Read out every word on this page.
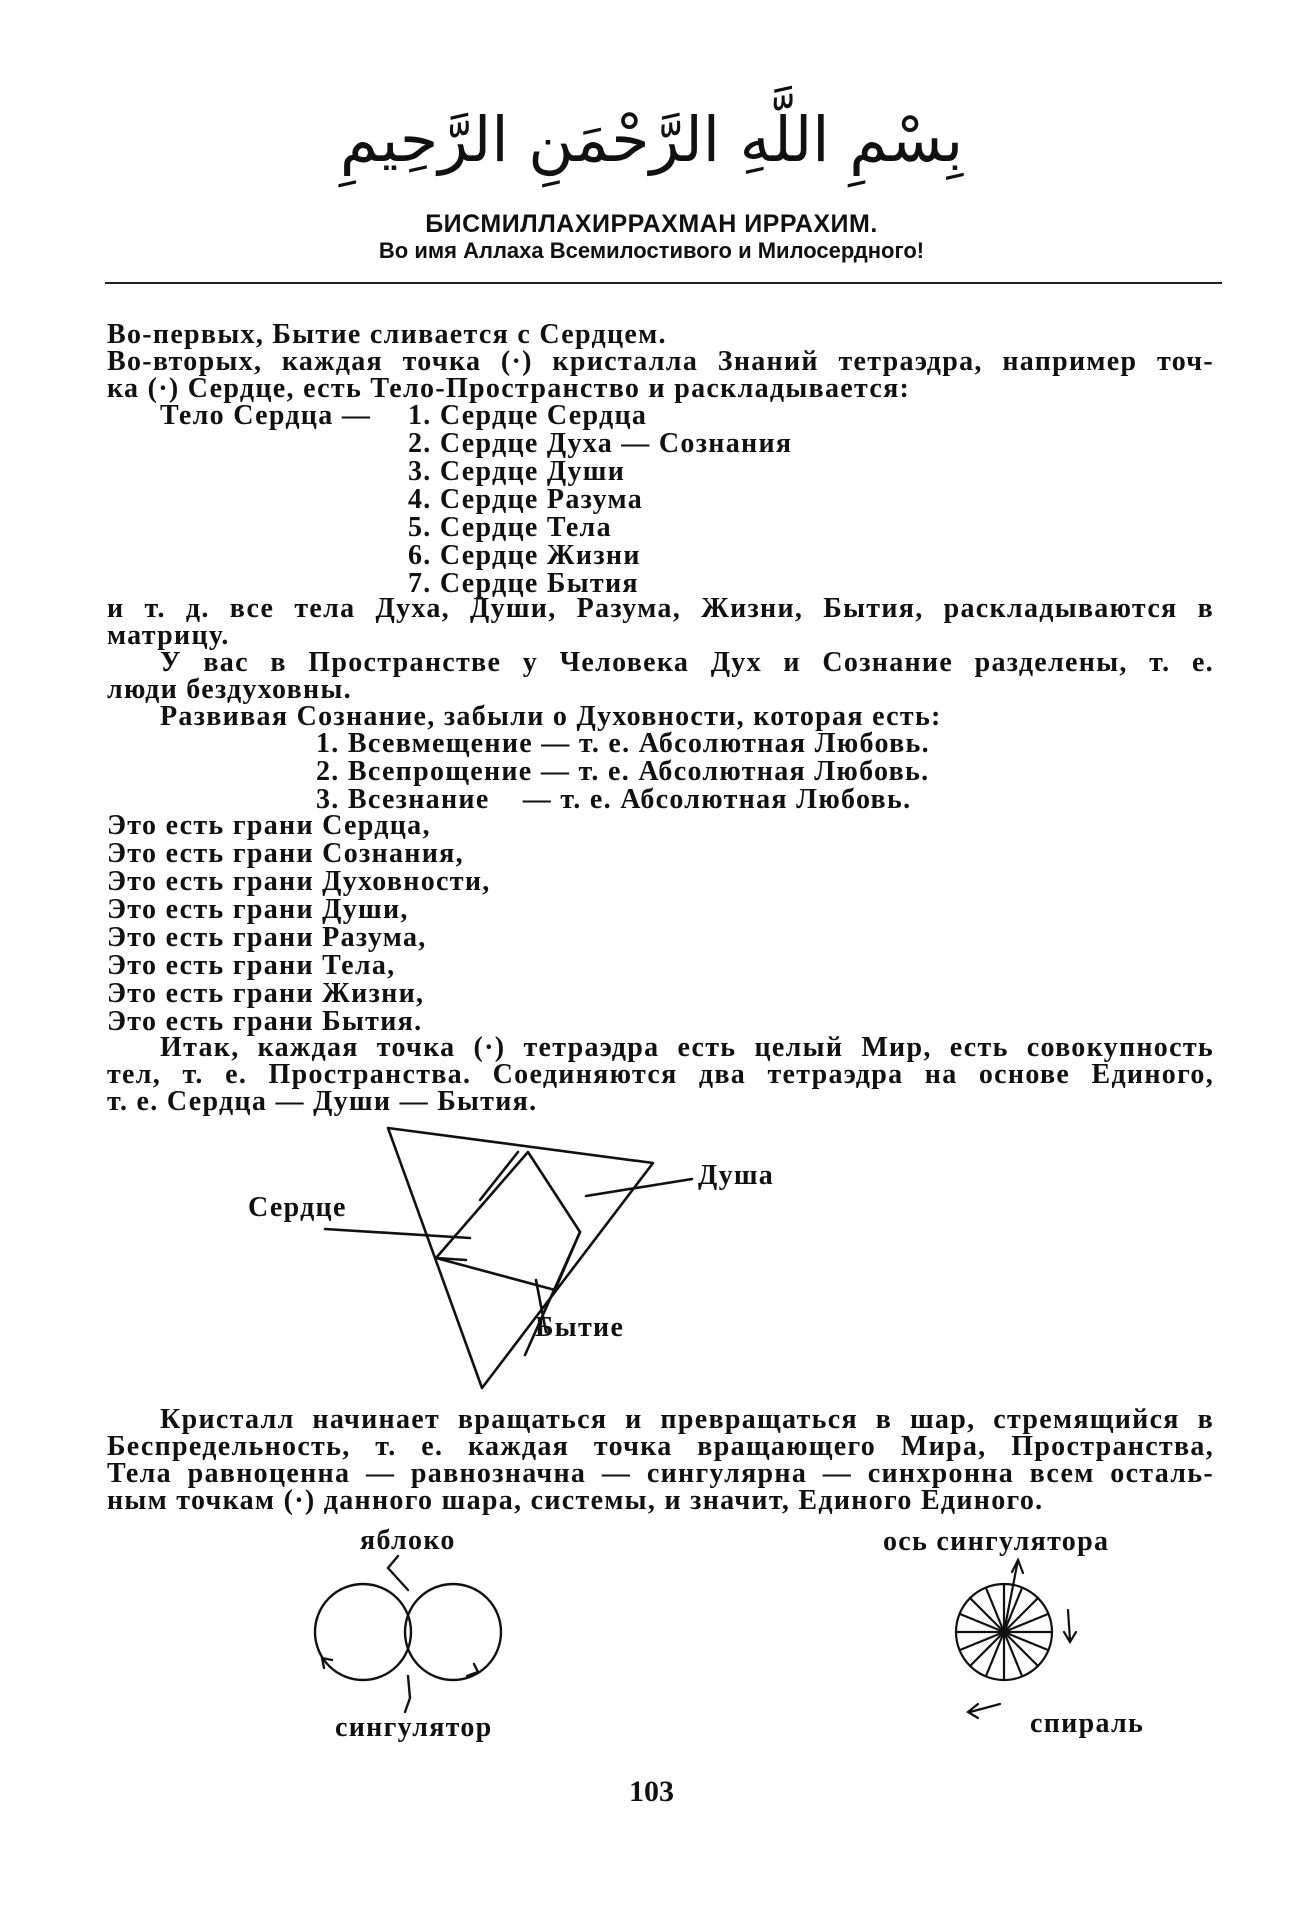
بِسْمِ اللَّهِ الرَّحْمَنِ الرَّحِيمِ
БИСМИЛЛАХИРРАХМАН ИРРАХИМ.
Во имя Аллаха Всемилостивого и Милосердного!
Во-первых, Бытие сливается с Сердцем.
Во-вторых, каждая точка (·) кристалла Знаний тетраэдра, например точ-
ка (·) Сердце, есть Тело-Пространство и раскладывается:
Тело Сердца — 1. Сердце Сердца
2. Сердце Духа — Сознания
3. Сердце Души
4. Сердце Разума
5. Сердце Тела
6. Сердце Жизни
7. Сердце Бытия
и т. д. все тела Духа, Души, Разума, Жизни, Бытия, раскладываются в
матрицу.
У вас в Пространстве у Человека Дух и Сознание разделены, т. е.
люди бездуховны.
Развивая Сознание, забыли о Духовности, которая есть:
1. Всевмещение — т. е. Абсолютная Любовь.
2. Всепрощение — т. е. Абсолютная Любовь.
3. Всезнание    — т. е. Абсолютная Любовь.
Это есть грани Сердца,
Это есть грани Сознания,
Это есть грани Духовности,
Это есть грани Души,
Это есть грани Разума,
Это есть грани Тела,
Это есть грани Жизни,
Это есть грани Бытия.
Итак, каждая точка (·) тетраэдра есть целый Мир, есть совокупность
тел, т. е. Пространства. Соединяются два тетраэдра на основе Единого,
т. е. Сердца — Души — Бытия.
Сердце
Душа
Бытие
Кристалл начинает вращаться и превращаться в шар, стремящийся в
Беспредельность, т. е. каждая точка вращающего Мира, Пространства,
Тела равноценна — равнозначна — сингулярна — синхронна всем осталь-
ным точкам (·) данного шара, системы, и значит, Единого Единого.
яблоко
сингулятор
ось сингулятора
спираль
103
